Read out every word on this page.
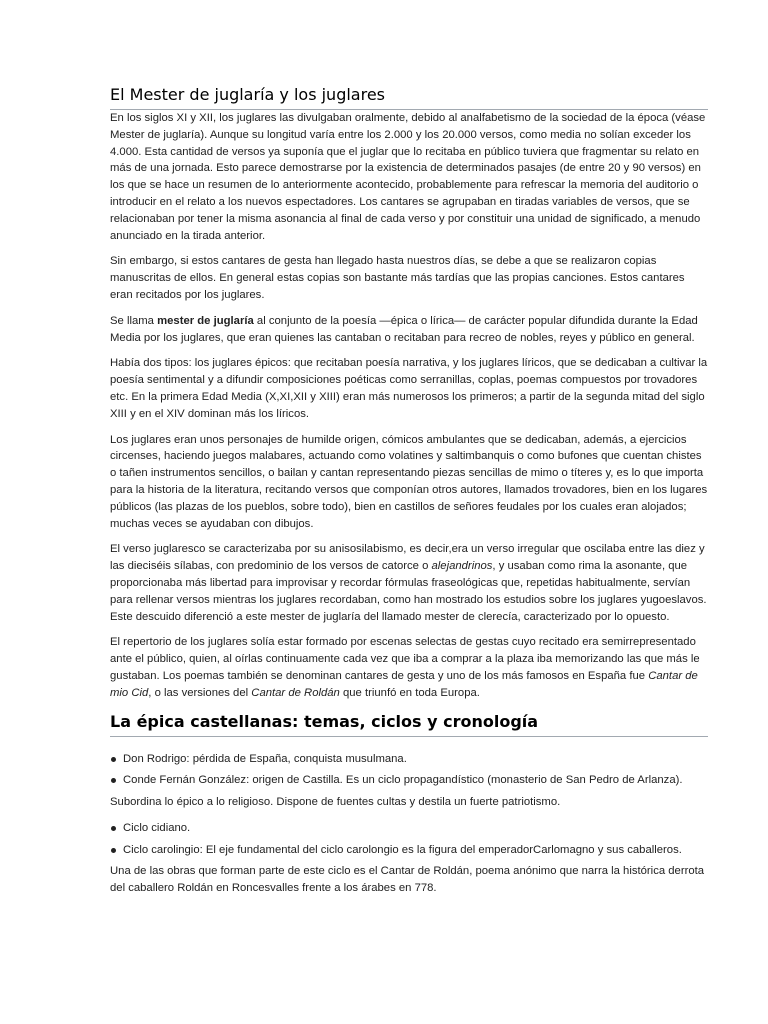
El Mester de juglaría y los juglares

En los siglos XI y XII, los juglares las divulgaban oralmente, debido al analfabetismo de la sociedad de la época (véase Mester de juglaría). Aunque su longitud varía entre los 2.000 y los 20.000 versos, como media no solían exceder los 4.000. Esta cantidad de versos ya suponía que el juglar que lo recitaba en público tuviera que fragmentar su relato en más de una jornada. Esto parece demostrarse por la existencia de determinados pasajes (de entre 20 y 90 versos) en los que se hace un resumen de lo anteriormente acontecido, probablemente para refrescar la memoria del auditorio o introducir en el relato a los nuevos espectadores. Los cantares se agrupaban en tiradas variables de versos, que se relacionaban por tener la misma asonancia al final de cada verso y por constituir una unidad de significado, a menudo anunciado en la tirada anterior.

Sin embargo, si estos cantares de gesta han llegado hasta nuestros días, se debe a que se realizaron copias manuscritas de ellos. En general estas copias son bastante más tardías que las propias canciones. Estos cantares eran recitados por los juglares.

Se llama mester de juglaría al conjunto de la poesía —épica o lírica— de carácter popular difundida durante la Edad Media por los juglares, que eran quienes las cantaban o recitaban para recreo de nobles, reyes y público en general.

Había dos tipos: los juglares épicos: que recitaban poesía narrativa, y los juglares líricos, que se dedicaban a cultivar la poesía sentimental y a difundir composiciones poéticas como serranillas, coplas, poemas compuestos por trovadores etc. En la primera Edad Media (X,XI,XII y XIII) eran más numerosos los primeros; a partir de la segunda mitad del siglo XIII y en el XIV dominan más los líricos.

Los juglares eran unos personajes de humilde origen, cómicos ambulantes que se dedicaban, además, a ejercicios circenses, haciendo juegos malabares, actuando como volatines y saltimbanquis o como bufones que cuentan chistes o tañen instrumentos sencillos, o bailan y cantan representando piezas sencillas de mimo o títeres y, es lo que importa para la historia de la literatura, recitando versos que componían otros autores, llamados trovadores, bien en los lugares públicos (las plazas de los pueblos, sobre todo), bien en castillos de señores feudales por los cuales eran alojados; muchas veces se ayudaban con dibujos.

El verso juglaresco se caracterizaba por su anisosilabismo, es decir,era un verso irregular que oscilaba entre las diez y las dieciséis sílabas, con predominio de los versos de catorce o alejandrinos, y usaban como rima la asonante, que proporcionaba más libertad para improvisar y recordar fórmulas fraseológicas que, repetidas habitualmente, servían para rellenar versos mientras los juglares recordaban, como han mostrado los estudios sobre los juglares yugoeslavos. Este descuido diferenció a este mester de juglaría del llamado mester de clerecía, caracterizado por lo opuesto.

El repertorio de los juglares solía estar formado por escenas selectas de gestas cuyo recitado era semirrepresentado ante el público, quien, al oírlas continuamente cada vez que iba a comprar a la plaza iba memorizando las que más le gustaban. Los poemas también se denominan cantares de gesta y uno de los más famosos en España fue Cantar de mio Cid, o las versiones del Cantar de Roldán que triunfó en toda Europa.

La épica castellanas: temas, ciclos y cronología
Don Rodrigo: pérdida de España, conquista musulmana.
Conde Fernán González: origen de Castilla. Es un ciclo propagandístico (monasterio de San Pedro de Arlanza).

Subordina lo épico a lo religioso. Dispone de fuentes cultas y destila un fuerte patriotismo.

Ciclo cidiano.
Ciclo carolingio: El eje fundamental del ciclo carolongio es la figura del emperadorCarlomagno y sus caballeros.

Una de las obras que forman parte de este ciclo es el Cantar de Roldán, poema anónimo que narra la histórica derrota del caballero Roldán en Roncesvalles frente a los árabes en 778.
